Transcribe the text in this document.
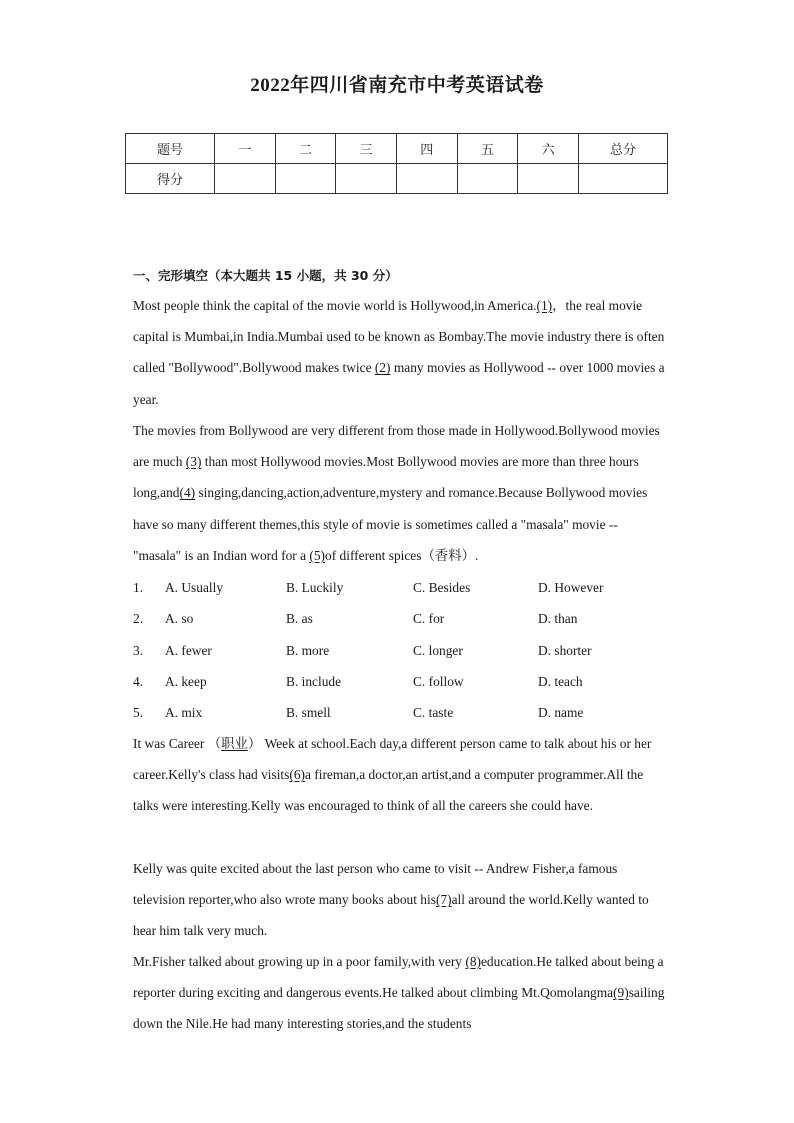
2022年四川省南充市中考英语试卷
题号	一	二	三	四	五	六	总分
得分							
一、完形填空（本大题共 15 小题，共 30 分）

Most people think the capital of the movie world is Hollywood,in America.(1)，the real movie capital is Mumbai,in India.Mumbai used to be known as Bombay.The movie industry there is often called "Bollywood".Bollywood makes twice (2) many movies as Hollywood -- over 1000 movies a year.

The movies from Bollywood are very different from those made in Hollywood.Bollywood movies are much (3) than most Hollywood movies.Most Bollywood movies are more than three hours long,and(4) singing,dancing,action,adventure,mystery and romance.Because Bollywood movies have so many different themes,this style of movie is sometimes called a "masala" movie -- "masala" is an Indian word for a (5)of different spices（香料）.

1. A. Usually	B. Luckily	C. Besides	D. However
2. A. so	B. as	C. for	D. than
3. A. fewer	B. more	C. longer	D. shorter
4. A. keep	B. include	C. follow	D. teach
5. A. mix	B. smell	C. taste	D. name

It was Career （职业） Week at school.Each day,a different person came to talk about his or her career.Kelly's class had visits(6)a fireman,a doctor,an artist,and a computer programmer.All the talks were interesting.Kelly was encouraged to think of all the careers she could have.

Kelly was quite excited about the last person who came to visit -- Andrew Fisher,a famous television reporter,who also wrote many books about his(7)all around the world.Kelly wanted to hear him talk very much.

Mr.Fisher talked about growing up in a poor family,with very (8)education.He talked about being a reporter during exciting and dangerous events.He talked about climbing Mt.Qomolangma(9)sailing down the Nile.He had many interesting stories,and the students
